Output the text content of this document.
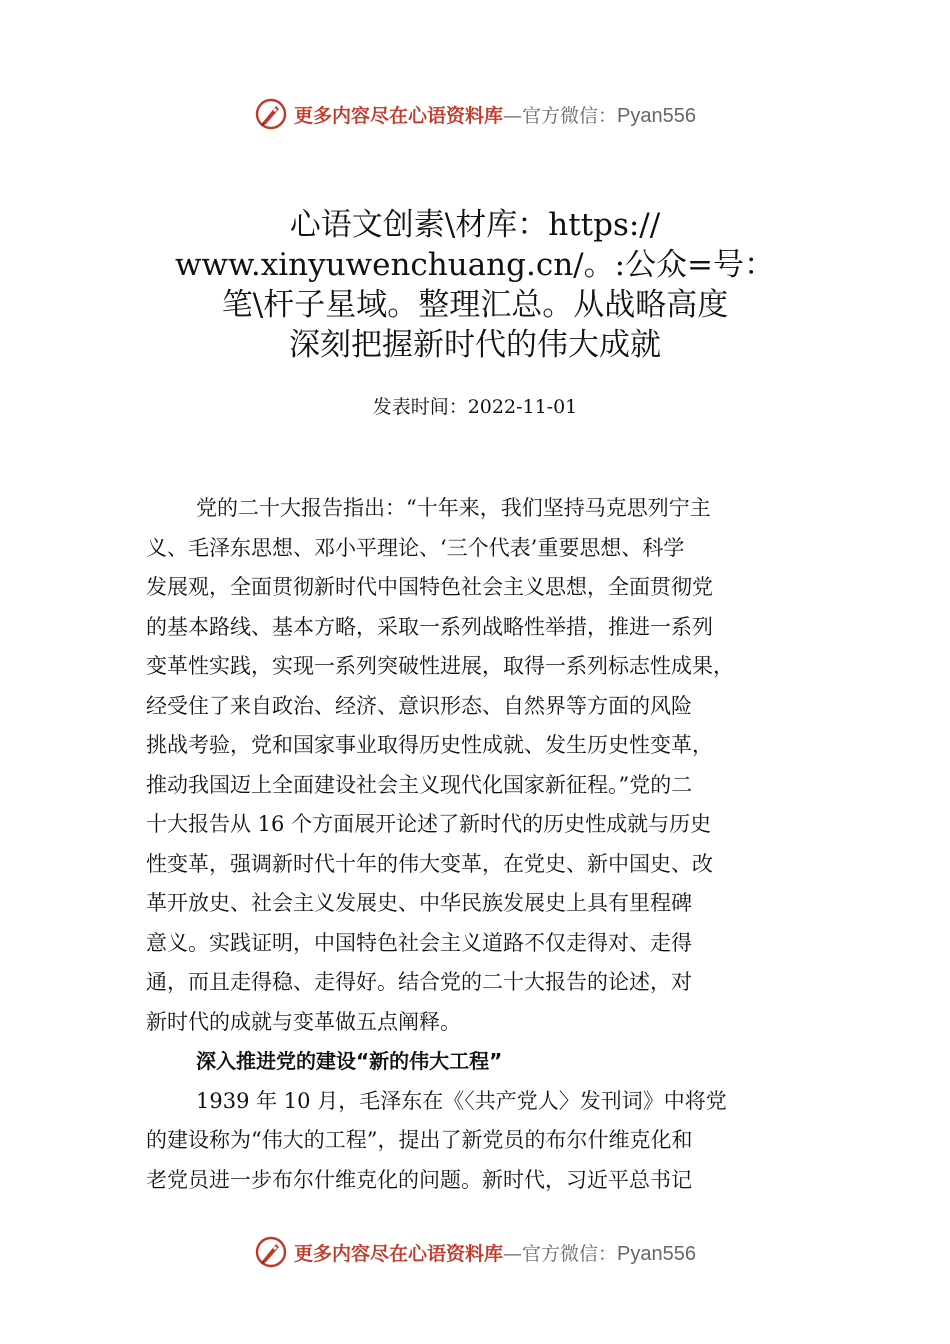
更多内容尽在心语资料库—官方微信：Pyan556
心语文创素\材库：https://
www.xinyuwenchuang.cn/。:公众=号：
笔\杆子星域。整理汇总。从战略高度
深刻把握新时代的伟大成就
发表时间：2022-11-01
党的二十大报告指出：“十年来，我们坚持马克思列宁主
义、毛泽东思想、邓小平理论、‘三个代表’重要思想、科学
发展观，全面贯彻新时代中国特色社会主义思想，全面贯彻党
的基本路线、基本方略，采取一系列战略性举措，推进一系列
变革性实践，实现一系列突破性进展，取得一系列标志性成果，
经受住了来自政治、经济、意识形态、自然界等方面的风险
挑战考验，党和国家事业取得历史性成就、发生历史性变革，
推动我国迈上全面建设社会主义现代化国家新征程。”党的二
十大报告从 16 个方面展开论述了新时代的历史性成就与历史
性变革，强调新时代十年的伟大变革，在党史、新中国史、改
革开放史、社会主义发展史、中华民族发展史上具有里程碑
意义。实践证明，中国特色社会主义道路不仅走得对、走得
通，而且走得稳、走得好。结合党的二十大报告的论述，对
新时代的成就与变革做五点阐释。
深入推进党的建设“新的伟大工程”
1939 年 10 月，毛泽东在《〈共产党人〉发刊词》中将党
的建设称为“伟大的工程”，提出了新党员的布尔什维克化和
老党员进一步布尔什维克化的问题。新时代，习近平总书记
更多内容尽在心语资料库—官方微信：Pyan556
